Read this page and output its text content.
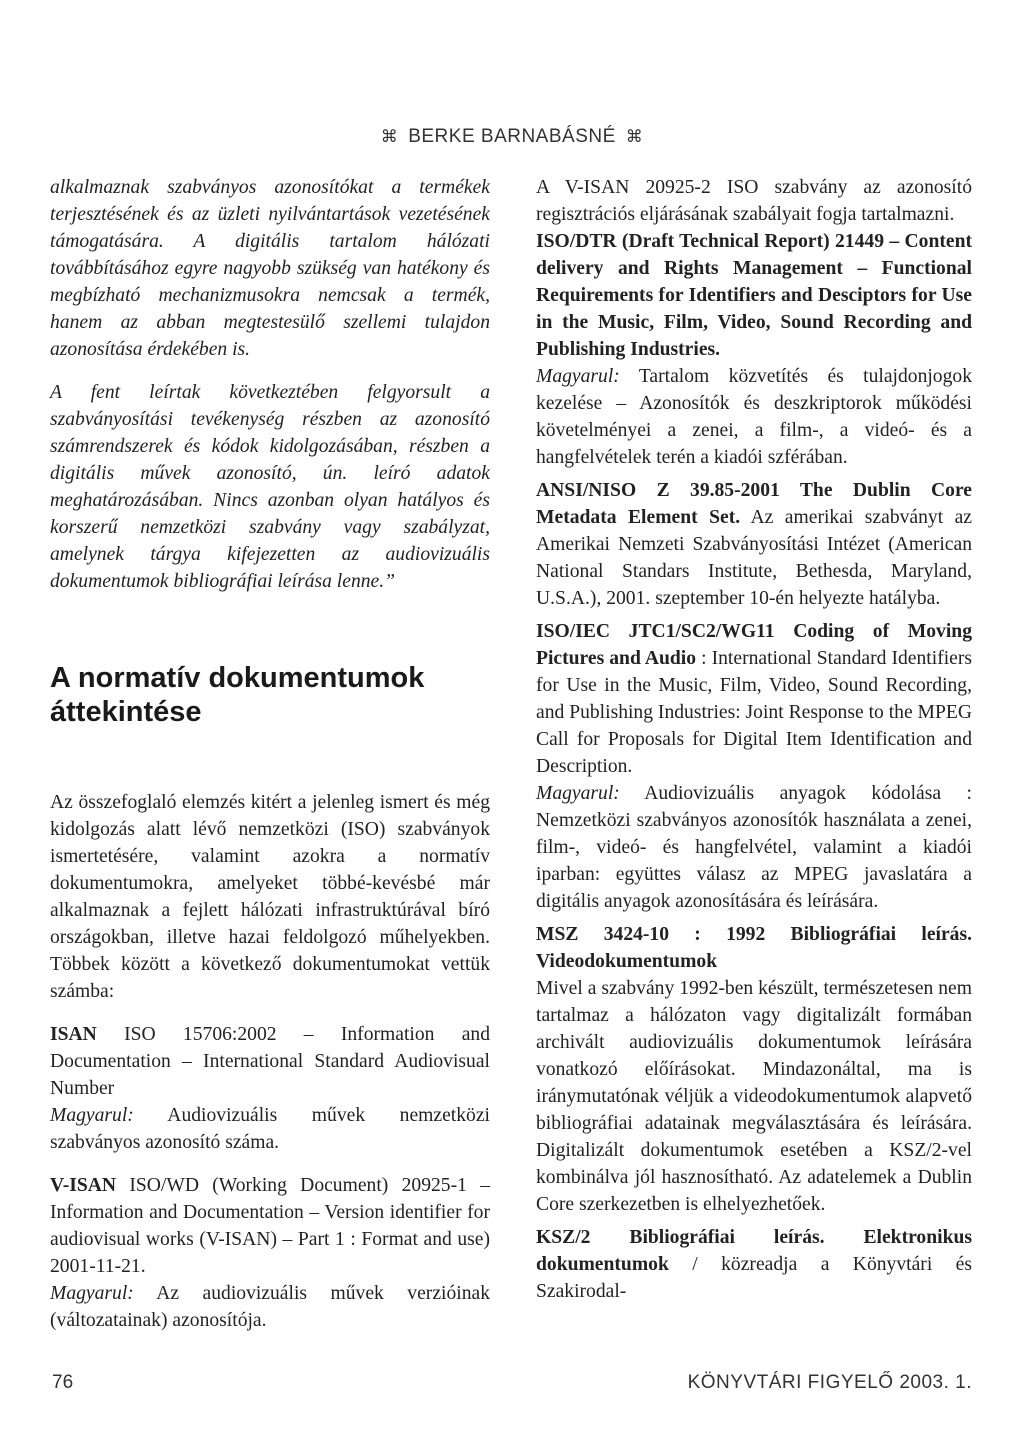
⌘ BERKE BARNABÁSNÉ ⌘

alkalmaznak szabványos azonosítókat a termékek terjesztésének és az üzleti nyilvántartások vezetésének támogatására. A digitális tartalom hálózati továbbításához egyre nagyobb szükség van hatékony és megbízható mechanizmusokra nemcsak a termék, hanem az abban megtestesülő szellemi tulajdon azonosítása érdekében is.

A fent leírtak következtében felgyorsult a szabványosítási tevékenység részben az azonosító számrendszerek és kódok kidolgozásában, részben a digitális művek azonosító, ún. leíró adatok meghatározásában. Nincs azonban olyan hatályos és korszerű nemzetközi szabvány vagy szabályzat, amelynek tárgya kifejezetten az audiovizuális dokumentumok bibliográfiai leírása lenne.”

A normatív dokumentumok áttekintése

Az összefoglaló elemzés kitért a jelenleg ismert és még kidolgozás alatt lévő nemzetközi (ISO) szabványok ismertetésére, valamint azokra a normatív dokumentumokra, amelyeket többé-kevésbé már alkalmaznak a fejlett hálózati infrastruktúrával bíró országokban, illetve hazai feldolgozó műhelyekben. Többek között a következő dokumentumokat vettük számba:

ISAN ISO 15706:2002 – Information and Documentation – International Standard Audiovisual Number

Magyarul: Audiovizuális művek nemzetközi szabványos azonosító száma.

V-ISAN ISO/WD (Working Document) 20925-1 – Information and Documentation – Version identifier for audiovisual works (V-ISAN) – Part 1 : Format and use) 2001-11-21.

Magyarul: Az audiovizuális művek verzióinak (változatainak) azonosítója.

A V-ISAN 20925-2 ISO szabvány az azonosító regisztrációs eljárásának szabályait fogja tartalmazni.

ISO/DTR (Draft Technical Report) 21449 – Content delivery and Rights Management – Functional Requirements for Identifiers and Desciptors for Use in the Music, Film, Video, Sound Recording and Publishing Industries.

Magyarul: Tartalom közvetítés és tulajdonjogok kezelése – Azonosítók és deszkriptorok működési követelményei a zenei, a film-, a videó- és a hangfelvételek terén a kiadói szférában.

ANSI/NISO Z 39.85-2001 The Dublin Core Metadata Element Set. Az amerikai szabványt az Amerikai Nemzeti Szabványosítási Intézet (American National Standars Institute, Bethesda, Maryland, U.S.A.), 2001. szeptember 10-én helyezte hatályba.

ISO/IEC JTC1/SC2/WG11 Coding of Moving Pictures and Audio : International Standard Identifiers for Use in the Music, Film, Video, Sound Recording, and Publishing Industries: Joint Response to the MPEG Call for Proposals for Digital Item Identification and Description.

Magyarul: Audiovizuális anyagok kódolása : Nemzetközi szabványos azonosítók használata a zenei, film-, videó- és hangfelvétel, valamint a kiadói iparban: együttes válasz az MPEG javaslatára a digitális anyagok azonosítására és leírására.

MSZ 3424-10 : 1992 Bibliográfiai leírás. Videodokumentumok

Mivel a szabvány 1992-ben készült, természetesen nem tartalmaz a hálózaton vagy digitalizált formában archivált audiovizuális dokumentumok leírására vonatkozó előírásokat. Mindazonáltal, ma is iránymutatónak véljük a videodokumentumok alapvető bibliográfiai adatainak megválasztására és leírására. Digitalizált dokumentumok esetében a KSZ/2-vel kombinálva jól hasznosítható. Az adatelemek a Dublin Core szerkezetben is elhelyezhetőek.

KSZ/2 Bibliográfiai leírás. Elektronikus dokumentumok / közreadja a Könyvtári és Szakirodal-

76	KÖNYVTÁRI FIGYELŐ 2003. 1.
